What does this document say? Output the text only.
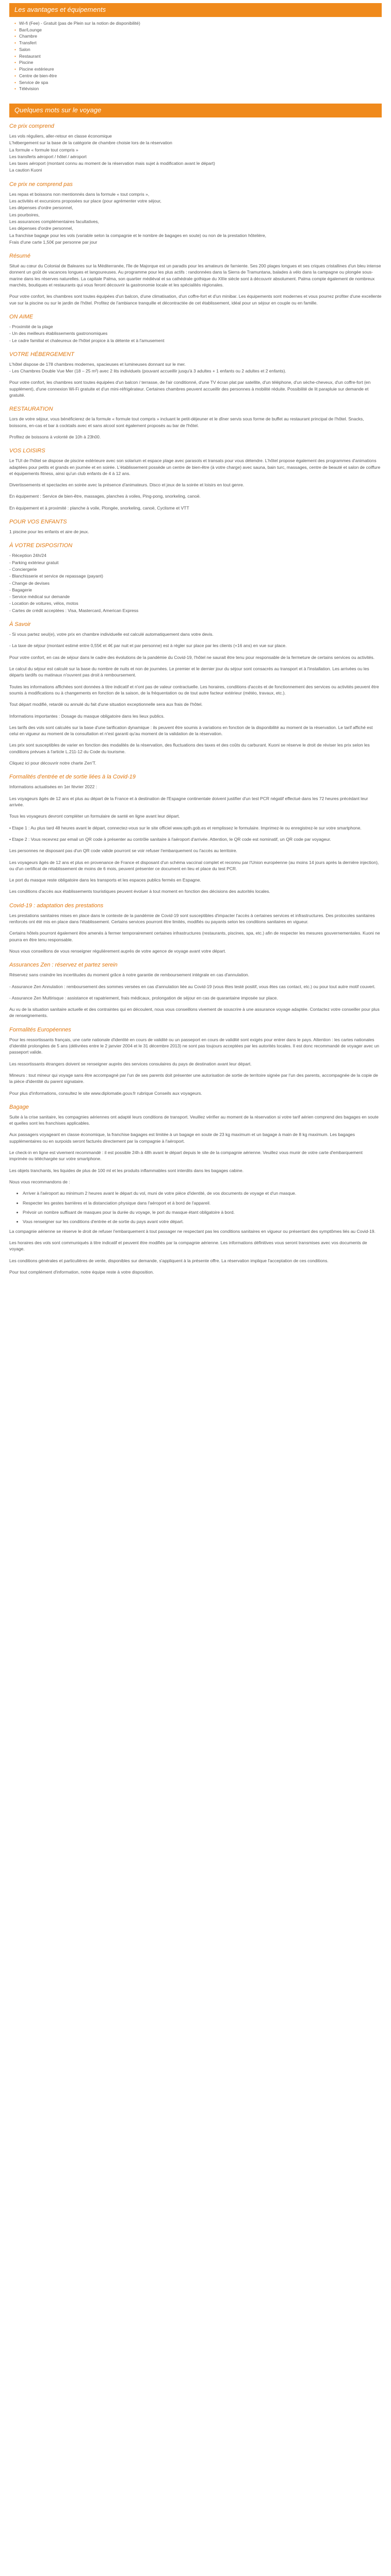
Les avantages et équipements
• Wi-fi (Fee) - Gratuit (pas de Plein sur la notion de disponibilité)
• Bar/Lounge
• Chambre
• Transfert
• Salon
• Restaurant
• Piscine
• Piscine extérieure
• Centre de bien-être
• Service de spa
• Télévision
Quelques mots sur le voyage
Ce prix comprend

Les vols réguliers, aller-retour en classe économique

L'hébergement sur la base de la catégorie de chambre choisie lors de la réservation

La formule « formule tout compris »

Les transferts aéroport / hôtel / aéroport

Les taxes aéroport (montant connu au moment de la réservation mais sujet à modification avant le départ)

La caution Kuoni

Ce prix ne comprend pas

Les repas et boissons non mentionnés dans la formule « tout compris »,

Les activités et excursions proposées sur place (pour agrémenter votre séjour,

Les dépenses d'ordre personnel,

Les pourboires,

Les assurances complémentaires facultatives,

Les dépenses d'ordre personnel,

La franchise bagage pour les vols (variable selon la compagnie et le nombre de bagages en soute) ou non de la prestation hôtelière,

Frais d'une carte 1,50€ par personne par jour

Résumé

Situé au cœur du Colonial de Baleares sur la Méditerranée, l'île de Majorque est un paradis pour les amateurs de farniente. Ses 200 plages longues et ses criques cristallines d'un bleu intense donnent un goût de vacances longues et langoureuses. Au programme pour les plus actifs : randonnées dans la Sierra de Tramuntana, balades à vélo dans la campagne ou plongée sous-marine dans les réserves naturelles. La capitale Palma, son quartier médiéval et sa cathédrale gothique du XIIIe siècle sont à découvrir absolument. Palma compte également de nombreux marchés, boutiques et restaurants qui vous feront découvrir la gastronomie locale et les spécialités régionales.

Pour votre confort, les chambres sont toutes équipées d'un balcon, d'une climatisation, d'un coffre-fort et d'un minibar. Les équipements sont modernes et vous pourrez profiter d'une excellente vue sur la piscine ou sur le jardin de l'hôtel. Profitez de l'ambiance tranquille et décontractée de cet établissement, idéal pour un séjour en couple ou en famille.

ON AIME

- Proximité de la plage

- Un des meilleurs établissements gastronomiques

- Le cadre familial et chaleureux de l'hôtel propice à la détente et à l'amusement

VOTRE HÉBERGEMENT

L'hôtel dispose de 178 chambres modernes, spacieuses et lumineuses donnant sur le mer.

- Les Chambres Double Vue Mer (18 – 25 m²) avec 2 lits individuels (pouvant accueillir jusqu'à 3 adultes + 1 enfants ou 2 adultes et 2 enfants).

Pour votre confort, les chambres sont toutes équipées d'un balcon / terrasse, de l'air conditionné, d'une TV écran plat par satellite, d'un téléphone, d'un sèche-cheveux, d'un coffre-fort (en supplément), d'une connexion Wi-Fi gratuite et d'un mini-réfrigérateur. Certaines chambres peuvent accueillir des personnes à mobilité réduite. Possibilité de lit parapluie sur demande et gratuité.

RESTAURATION

Lors de votre séjour, vous bénéficierez de la formule « formule tout compris » incluant le petit-déjeuner et le dîner servis sous forme de buffet au restaurant principal de l'hôtel. Snacks, boissons, en-cas et bar à cocktails avec et sans alcool sont également proposés au bar de l'hôtel.

Profitez de boissons à volonté de 10h à 23h00.

VOS LOISIRS

Le TUI de l'hôtel se dispose de piscine extérieure avec son solarium et espace plage avec parasols et transats pour vous détendre. L'hôtel propose également des programmes d'animations adaptées pour petits et grands en journée et en soirée. L'établissement possède un centre de bien-être (à votre charge) avec sauna, bain turc, massages, centre de beauté et salon de coiffure et équipements fitness, ainsi qu'un club enfants de 4 à 12 ans.

Divertissements et spectacles en soirée avec la présence d'animateurs. Disco et jeux de la soirée et loisirs en tout genre.

En équipement : Service de bien-être, massages, planches à voiles, Ping-pong, snorkeling, canoë.

En équipement et à proximité : planche à voile, Plongée, snorkeling, canoë, Cyclisme et VTT

POUR VOS ENFANTS

1 piscine pour les enfants et aire de jeux.

À VOTRE DISPOSITION

- Réception 24h/24

- Parking extérieur gratuit

- Conciergerie

- Blanchisserie et service de repassage (payant)

- Change de devises

- Bagagerie

- Service médical sur demande

- Location de voitures, vélos, motos

- Cartes de crédit acceptées : Visa, Mastercard, American Express

À Savoir

- Si vous partez seul(e), votre prix en chambre individuelle est calculé automatiquement dans votre devis.

- La taxe de séjour (montant estimé entre 0,55€ et 4€ par nuit et par personne) est à régler sur place par les clients (+16 ans) en vue sur place.

Pour votre confort, en cas de séjour dans le cadre des évolutions de la pandémie du Covid-19, l'hôtel ne saurait être tenu pour responsable de la fermeture de certains services ou activités.

Le calcul du séjour est calculé sur la base du nombre de nuits et non de journées. Le premier et le dernier jour du séjour sont consacrés au transport et à l'installation. Les arrivées ou les départs tardifs ou matinaux n'ouvrent pas droit à remboursement.

Toutes les informations affichées sont données à titre indicatif et n'ont pas de valeur contractuelle. Les horaires, conditions d'accès et de fonctionnement des services ou activités peuvent être soumis à modifications ou à changements en fonction de la saison, de la fréquentation ou de tout autre facteur extérieur (météo, travaux, etc.).

Tout départ modifié, retardé ou annulé du fait d'une situation exceptionnelle sera aux frais de l'hôtel.

Informations importantes : Dosage du masque obligatoire dans les lieux publics.

Les tarifs des vols sont calculés sur la base d'une tarification dynamique : ils peuvent être soumis à variations en fonction de la disponibilité au moment de la réservation. Le tarif affiché est celui en vigueur au moment de la consultation et n'est garanti qu'au moment de la validation de la réservation.

Les prix sont susceptibles de varier en fonction des modalités de la réservation, des fluctuations des taxes et des coûts du carburant. Kuoni se réserve le droit de réviser les prix selon les conditions prévues à l'article L.211-12 du Code du tourisme.

Cliquez ici pour découvrir notre charte Zen'T.

Formalités d'entrée et de sortie liées à la Covid-19

Informations actualisées en 1er février 2022 :

Les voyageurs âgés de 12 ans et plus au départ de la France et à destination de l'Espagne continentale doivent justifier d'un test PCR négatif effectué dans les 72 heures précédant leur arrivée.

Tous les voyageurs devront compléter un formulaire de santé en ligne avant leur départ.

• Etape 1 : Au plus tard 48 heures avant le départ, connectez-vous sur le site officiel www.spth.gob.es et remplissez le formulaire. Imprimez-le ou enregistrez-le sur votre smartphone.

• Etape 2 : Vous recevrez par email un QR code à présenter au contrôle sanitaire à l'aéroport d'arrivée. Attention, le QR code est nominatif, un QR code par voyageur.

Les personnes ne disposant pas d'un QR code valide pourront se voir refuser l'embarquement ou l'accès au territoire.

Les voyageurs âgés de 12 ans et plus en provenance de France et disposant d'un schéma vaccinal complet et reconnu par l'Union européenne (au moins 14 jours après la dernière injection), ou d'un certificat de rétablissement de moins de 6 mois, peuvent présenter ce document en lieu et place du test PCR.

Le port du masque reste obligatoire dans les transports et les espaces publics fermés en Espagne.

Les conditions d'accès aux établissements touristiques peuvent évoluer à tout moment en fonction des décisions des autorités locales.

Covid-19 : adaptation des prestations

Les prestations sanitaires mises en place dans le contexte de la pandémie de Covid-19 sont susceptibles d'impacter l'accès à certaines services et infrastructures. Des protocoles sanitaires renforcés ont été mis en place dans l'établissement. Certains services pourront être limités, modifiés ou payants selon les conditions sanitaires en vigueur.

Certains hôtels pourront également être amenés à fermer temporairement certaines infrastructures (restaurants, piscines, spa, etc.) afin de respecter les mesures gouvernementales. Kuoni ne pourra en être tenu responsable.

Nous vous conseillons de vous renseigner régulièrement auprès de votre agence de voyage avant votre départ.

Assurances Zen : réservez et partez serein

Réservez sans craindre les incertitudes du moment grâce à notre garantie de remboursement intégrale en cas d'annulation.

- Assurance Zen Annulation : remboursement des sommes versées en cas d'annulation liée au Covid-19 (vous êtes testé positif, vous êtes cas contact, etc.) ou pour tout autre motif couvert.

- Assurance Zen Multirisque : assistance et rapatriement, frais médicaux, prolongation de séjour en cas de quarantaine imposée sur place.

Au vu de la situation sanitaire actuelle et des contraintes qui en découlent, nous vous conseillons vivement de souscrire à une assurance voyage adaptée. Contactez votre conseiller pour plus de renseignements.

Formalités Européennes

Pour les ressortissants français, une carte nationale d'identité en cours de validité ou un passeport en cours de validité sont exigés pour entrer dans le pays. Attention : les cartes nationales d'identité prolongées de 5 ans (délivrées entre le 2 janvier 2004 et le 31 décembre 2013) ne sont pas toujours acceptées par les autorités locales. Il est donc recommandé de voyager avec un passeport valide.

Les ressortissants étrangers doivent se renseigner auprès des services consulaires du pays de destination avant leur départ.

Mineurs : tout mineur qui voyage sans être accompagné par l'un de ses parents doit présenter une autorisation de sortie de territoire signée par l'un des parents, accompagnée de la copie de la pièce d'identité du parent signataire.

Pour plus d'informations, consultez le site www.diplomatie.gouv.fr rubrique Conseils aux voyageurs.

Bagage

Suite à la crise sanitaire, les compagnies aériennes ont adapté leurs conditions de transport. Veuillez vérifier au moment de la réservation si votre tarif aérien comprend des bagages en soute et quelles sont les franchises applicables.

Aux passagers voyageant en classe économique, la franchise bagages est limitée à un bagage en soute de 23 kg maximum et un bagage à main de 8 kg maximum. Les bagages supplémentaires ou en surpoids seront facturés directement par la compagnie à l'aéroport.

Le check-in en ligne est vivement recommandé : il est possible 24h à 48h avant le départ depuis le site de la compagnie aérienne. Veuillez vous munir de votre carte d'embarquement imprimée ou téléchargée sur votre smartphone.

Les objets tranchants, les liquides de plus de 100 ml et les produits inflammables sont interdits dans les bagages cabine.

Nous vous recommandons de :

• Arriver à l'aéroport au minimum 2 heures avant le départ du vol, muni de votre pièce d'identité, de vos documents de voyage et d'un masque.
• Respecter les gestes barrières et la distanciation physique dans l'aéroport et à bord de l'appareil.
• Prévoir un nombre suffisant de masques pour la durée du voyage, le port du masque étant obligatoire à bord.
• Vous renseigner sur les conditions d'entrée et de sortie du pays avant votre départ.

La compagnie aérienne se réserve le droit de refuser l'embarquement à tout passager ne respectant pas les conditions sanitaires en vigueur ou présentant des symptômes liés au Covid-19.

Les horaires des vols sont communiqués à titre indicatif et peuvent être modifiés par la compagnie aérienne. Les informations définitives vous seront transmises avec vos documents de voyage.

Les conditions générales et particulières de vente, disponibles sur demande, s'appliquent à la présente offre. La réservation implique l'acceptation de ces conditions.

Pour tout complément d'information, notre équipe reste à votre disposition.
